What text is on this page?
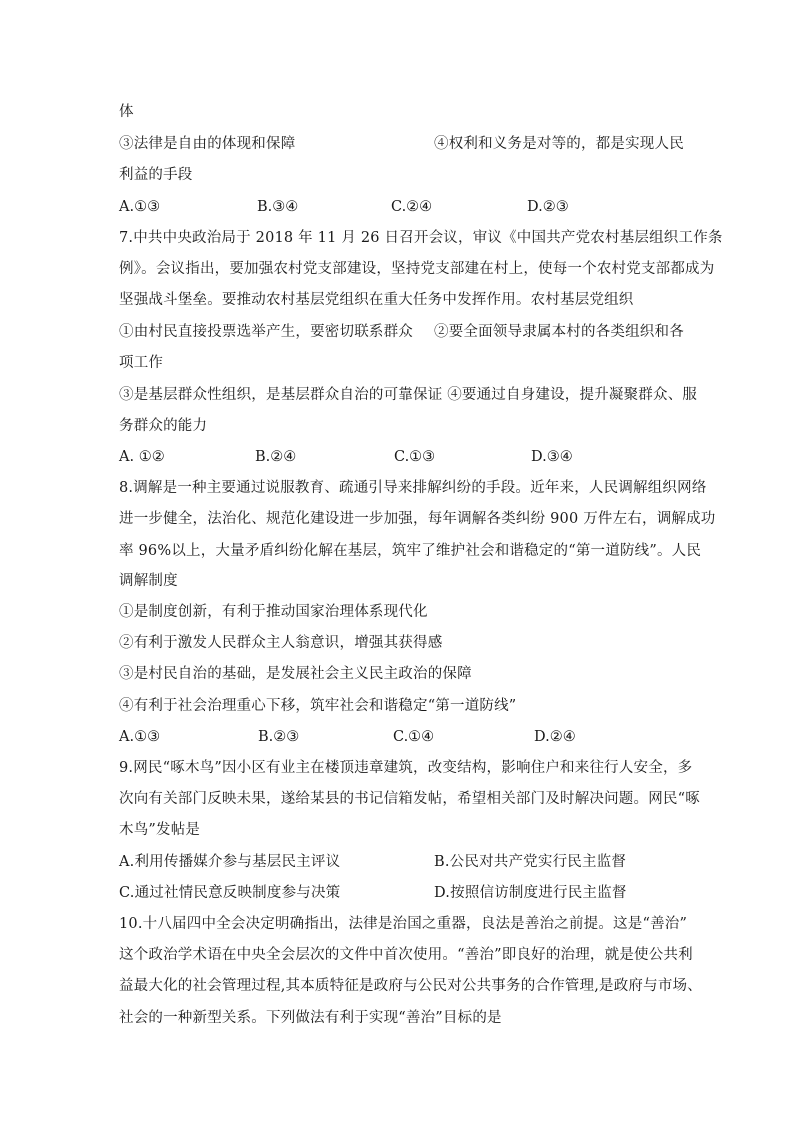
体
③法律是自由的体现和保障	④权利和义务是对等的，都是实现人民
利益的手段
A.①③	B.③④	C.②④	D.②③
7.中共中央政治局于 2018 年 11 月 26 日召开会议，审议《中国共产党农村基层组织工作条
例》。会议指出，要加强农村党支部建设，坚持党支部建在村上，使每一个农村党支部都成为
坚强战斗堡垒。要推动农村基层党组织在重大任务中发挥作用。农村基层党组织
①由村民直接投票选举产生，要密切联系群众 ②要全面领导隶属本村的各类组织和各
项工作
③是基层群众性组织，是基层群众自治的可靠保证 ④要通过自身建设，提升凝聚群众、服
务群众的能力
A. ①②	B.②④	C.①③	D.③④
8.调解是一种主要通过说服教育、疏通引导来排解纠纷的手段。近年来，人民调解组织网络
进一步健全，法治化、规范化建设进一步加强，每年调解各类纠纷 900 万件左右，调解成功
率 96%以上，大量矛盾纠纷化解在基层，筑牢了维护社会和谐稳定的“第一道防线”。人民
调解制度
①是制度创新，有利于推动国家治理体系现代化
②有利于激发人民群众主人翁意识，增强其获得感
③是村民自治的基础，是发展社会主义民主政治的保障
④有利于社会治理重心下移，筑牢社会和谐稳定“第一道防线”
A.①③	B.②③	C.①④	D.②④
9.网民“啄木鸟”因小区有业主在楼顶违章建筑，改变结构，影响住户和来往行人安全，多
次向有关部门反映未果，遂给某县的书记信箱发帖，希望相关部门及时解决问题。网民“啄
木鸟”发帖是
A.利用传播媒介参与基层民主评议	B.公民对共产党实行民主监督
C.通过社情民意反映制度参与决策	D.按照信访制度进行民主监督
10.十八届四中全会决定明确指出，法律是治国之重器，良法是善治之前提。这是“善治”
这个政治学术语在中央全会层次的文件中首次使用。“善治”即良好的治理，就是使公共利
益最大化的社会管理过程,其本质特征是政府与公民对公共事务的合作管理,是政府与市场、
社会的一种新型关系。下列做法有利于实现“善治”目标的是
